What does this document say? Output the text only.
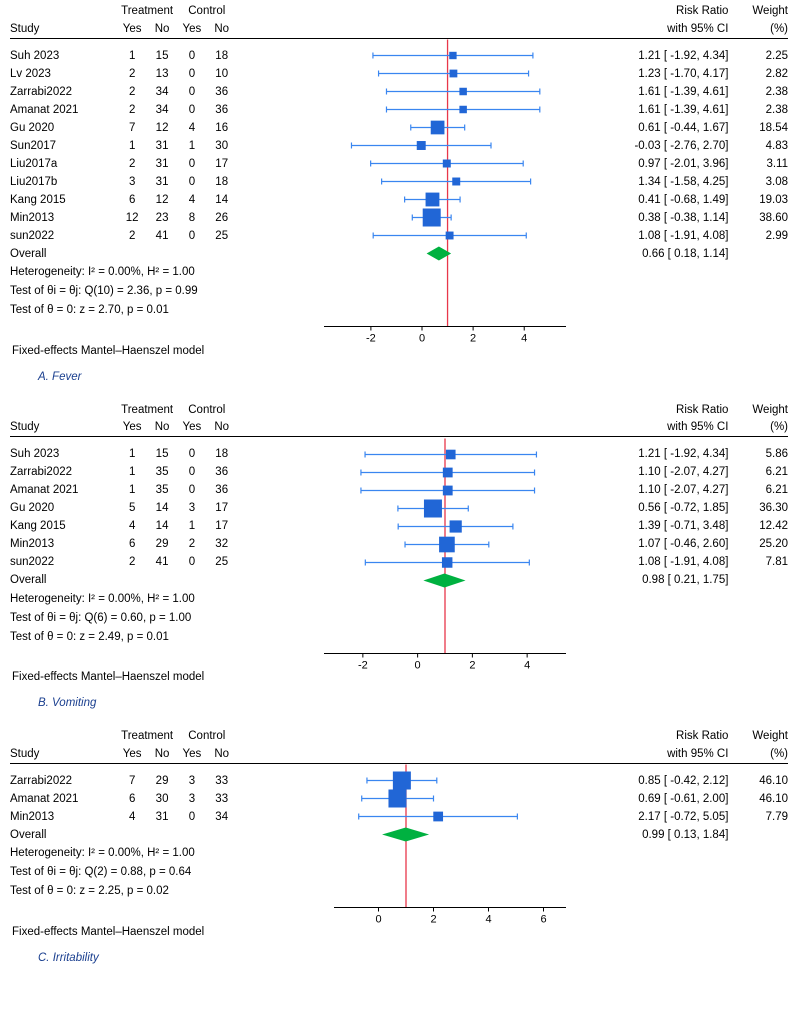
-2	0	2	4
	Treatment		Control			Risk Ratio	Weight
Study	Yes	No	Yes	No		with 95% CI	(%)

Suh 2023	1	15	0	18		1.21 [ -1.92, 4.34]	2.25
Lv 2023	2	13	0	10		1.23 [ -1.70, 4.17]	2.82
Zarrabi2022	2	34	0	36		1.61 [ -1.39, 4.61]	2.38
Amanat 2021	2	34	0	36		1.61 [ -1.39, 4.61]	2.38
Gu 2020	7	12	4	16		0.61 [ -0.44, 1.67]	18.54
Sun2017	1	31	1	30		-0.03 [ -2.76, 2.70]	4.83
Liu2017a	2	31	0	17		0.97 [ -2.01, 3.96]	3.11
Liu2017b	3	31	0	18		1.34 [ -1.58, 4.25]	3.08
Kang 2015	6	12	4	14		0.41 [ -0.68, 1.49]	19.03
Min2013	12	23	8	26		0.38 [ -0.38, 1.14]	38.60
sun2022	2	41	0	25		1.08 [ -1.91, 4.08]	2.99
Overall						0.66 [ 0.18, 1.14]	
Heterogeneity: I² = 0.00%, H² = 1.00							
Test of θi = θj: Q(10) = 2.36, p = 0.99							
Test of θ = 0: z = 2.70, p = 0.01							

Fixed-effects Mantel–Haenszel model
A. Fever
-2	0	2	4
	Treatment		Control			Risk Ratio	Weight
Study	Yes	No	Yes	No		with 95% CI	(%)

Suh 2023	1	15	0	18		1.21 [ -1.92, 4.34]	5.86
Zarrabi2022	1	35	0	36		1.10 [ -2.07, 4.27]	6.21
Amanat 2021	1	35	0	36		1.10 [ -2.07, 4.27]	6.21
Gu 2020	5	14	3	17		0.56 [ -0.72, 1.85]	36.30
Kang 2015	4	14	1	17		1.39 [ -0.71, 3.48]	12.42
Min2013	6	29	2	32		1.07 [ -0.46, 2.60]	25.20
sun2022	2	41	0	25		1.08 [ -1.91, 4.08]	7.81
Overall						0.98 [ 0.21, 1.75]	
Heterogeneity: I² = 0.00%, H² = 1.00							
Test of θi = θj: Q(6) = 0.60, p = 1.00							
Test of θ = 0: z = 2.49, p = 0.01							

Fixed-effects Mantel–Haenszel model
B. Vomiting
0	2	4	6
	Treatment		Control			Risk Ratio	Weight
Study	Yes	No	Yes	No		with 95% CI	(%)

Zarrabi2022	7	29	3	33		0.85 [ -0.42, 2.12]	46.10
Amanat 2021	6	30	3	33		0.69 [ -0.61, 2.00]	46.10
Min2013	4	31	0	34		2.17 [ -0.72, 5.05]	7.79
Overall						0.99 [ 0.13, 1.84]	
Heterogeneity: I² = 0.00%, H² = 1.00							
Test of θi = θj: Q(2) = 0.88, p = 0.64							
Test of θ = 0: z = 2.25, p = 0.02							

Fixed-effects Mantel–Haenszel model
C. Irritability
